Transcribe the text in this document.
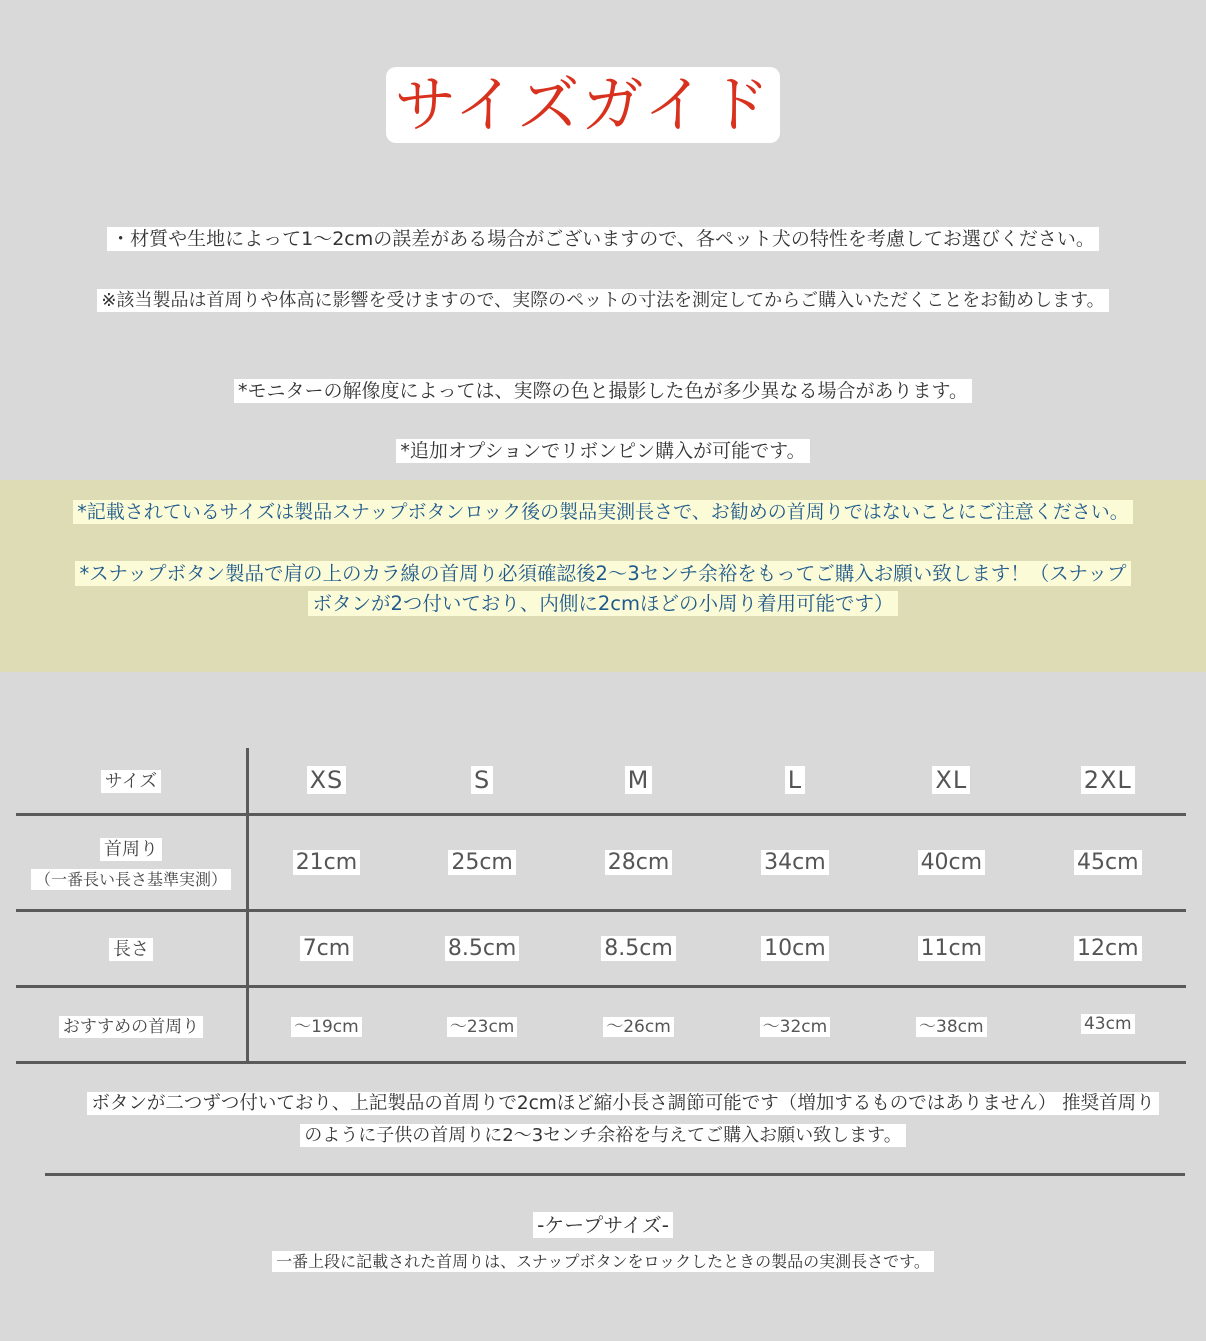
サイズガイド
・材質や生地によって1〜2cmの誤差がある場合がございますので、各ペット犬の特性を考慮してお選びください。
※該当製品は首周りや体高に影響を受けますので、実際のペットの寸法を測定してからご購入いただくことをお勧めします。
*モニターの解像度によっては、実際の色と撮影した色が多少異なる場合があります。
*追加オプションでリボンピン購入が可能です。
*記載されているサイズは製品スナップボタンロック後の製品実測長さで、お勧めの首周りではないことにご注意ください。
*スナップボタン製品で肩の上のカラ線の首周り必須確認後2〜3センチ余裕をもってご購入お願い致します！（スナップ
ボタンが2つ付いており、内側に2cmほどの小周り着用可能です）
サイズ	XS	S	M	L	XL	2XL

首周り
（一番長い長さ基準実測）	21cm	25cm	28cm	34cm	40cm	45cm
長さ	7cm	8.5cm	8.5cm	10cm	11cm	12cm
おすすめの首周り	〜19cm	〜23cm	〜26cm	〜32cm	〜38cm	43cm
ボタンが二つずつ付いており、上記製品の首周りで2cmほど縮小長さ調節可能です（増加するものではありません） 推奨首周り
のように子供の首周りに2〜3センチ余裕を与えてご購入お願い致します。
-ケープサイズ-
一番上段に記載された首周りは、スナップボタンをロックしたときの製品の実測長さです。
